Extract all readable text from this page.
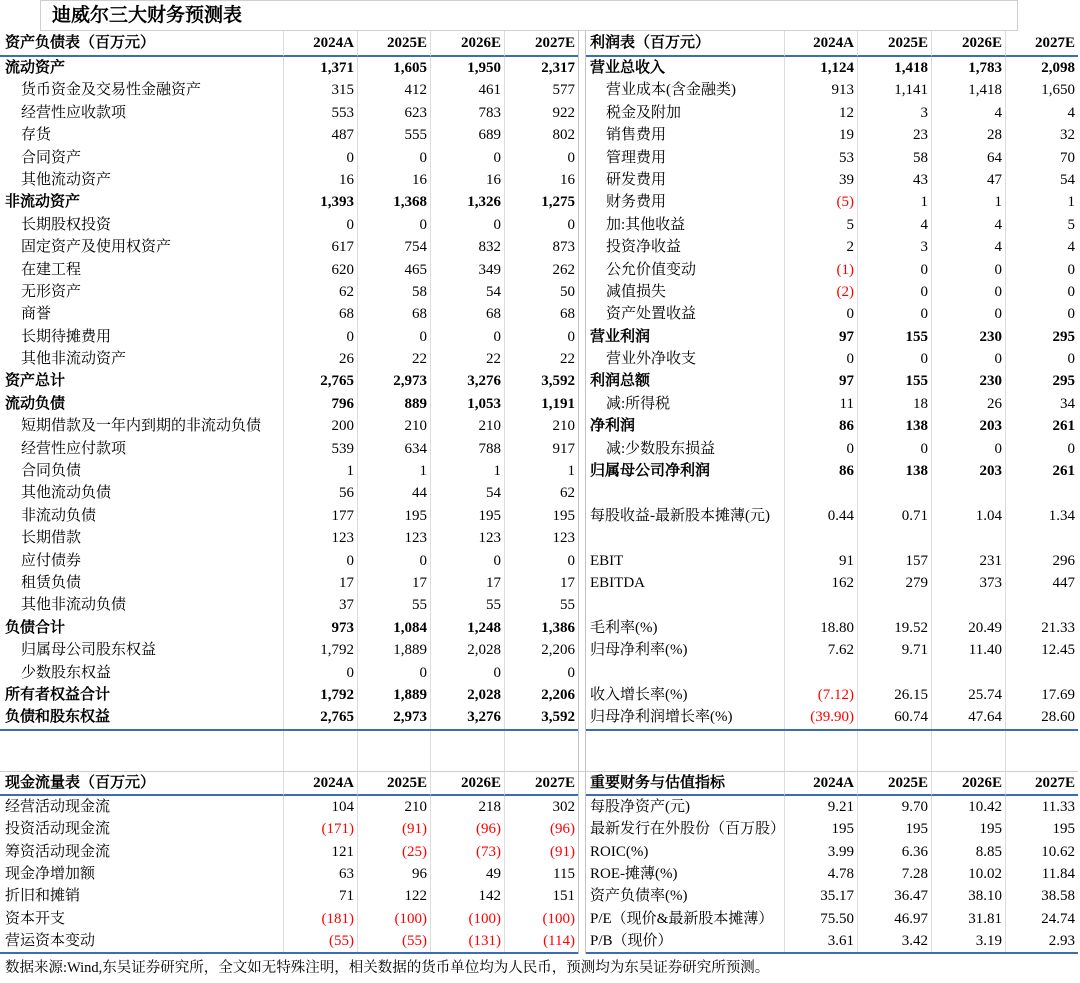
迪威尔三大财务预测表
资产负债表（百万元）	2024A	2025E	2026E	2027E 利润表（百万元）	2024A	2025E	2026E	2027E
流动资产	1,371	1,605	1,950	2,317 营业总收入	1,124	1,418	1,783	2,098
货币资金及交易性金融资产	315	412	461	577	营业成本(含金融类)	913	1,141	1,418	1,650
经营性应收款项	553	623	783	922	税金及附加	12	3	4	4
存货	487	555	689	802	销售费用	19	23	28	32
合同资产	0	0	0	0	管理费用	53	58	64	70
其他流动资产	16	16	16	16	研发费用	39	43	47	54
非流动资产	1,393	1,368	1,326	1,275	财务费用	(5)	1	1	1
长期股权投资	0	0	0	0	加:其他收益	5	4	4	5
固定资产及使用权资产	617	754	832	873	投资净收益	2	3	4	4
在建工程	620	465	349	262	公允价值变动	(1)	0	0	0
无形资产	62	58	54	50	减值损失	(2)	0	0	0
商誉	68	68	68	68	资产处置收益	0	0	0	0
长期待摊费用	0	0	0	0 营业利润	97	155	230	295
其他非流动资产	26	22	22	22	营业外净收支	0	0	0	0
资产总计	2,765	2,973	3,276	3,592 利润总额	97	155	230	295
流动负债	796	889	1,053	1,191	减:所得税	11	18	26	34
短期借款及一年内到期的非流动负债	200	210	210	210 净利润	86	138	203	261
经营性应付款项	539	634	788	917	减:少数股东损益	0	0	0	0
合同负债	1	1	1	1 归属母公司净利润	86	138	203	261
其他流动负债	56	44	54	62
非流动负债	177	195	195	195 每股收益-最新股本摊薄(元)	0.44	0.71	1.04	1.34
长期借款	123	123	123	123
应付债券	0	0	0	0 EBIT	91	157	231	296
租赁负债	17	17	17	17 EBITDA	162	279	373	447
其他非流动负债	37	55	55	55
负债合计	973	1,084	1,248	1,386 毛利率(%)	18.80	19.52	20.49	21.33
归属母公司股东权益	1,792	1,889	2,028	2,206 归母净利率(%)	7.62	9.71	11.40	12.45
少数股东权益	0	0	0	0
所有者权益合计	1,792	1,889	2,028	2,206 收入增长率(%)	(7.12)	26.15	25.74	17.69
负债和股东权益	2,765	2,973	3,276	3,592 归母净利润增长率(%)	(39.90)	60.74	47.64	28.60
现金流量表（百万元）	2024A	2025E	2026E	2027E 重要财务与估值指标	2024A	2025E	2026E	2027E
经营活动现金流	104	210	218	302 每股净资产(元)	9.21	9.70	10.42	11.33
投资活动现金流	(171)	(91)	(96)	(96) 最新发行在外股份（百万股）	195	195	195	195
筹资活动现金流	121	(25)	(73)	(91) ROIC(%)	3.99	6.36	8.85	10.62
现金净增加额	63	96	49	115 ROE-摊薄(%)	4.78	7.28	10.02	11.84
折旧和摊销	71	122	142	151 资产负债率(%)	35.17	36.47	38.10	38.58
资本开支	(181)	(100)	(100)	(100) P/E（现价&最新股本摊薄）	75.50	46.97	31.81	24.74
营运资本变动	(55)	(55)	(131)	(114) P/B（现价）	3.61	3.42	3.19	2.93
数据来源:Wind,东吴证券研究所，全文如无特殊注明，相关数据的货币单位均为人民币，预测均为东吴证券研究所预测。
